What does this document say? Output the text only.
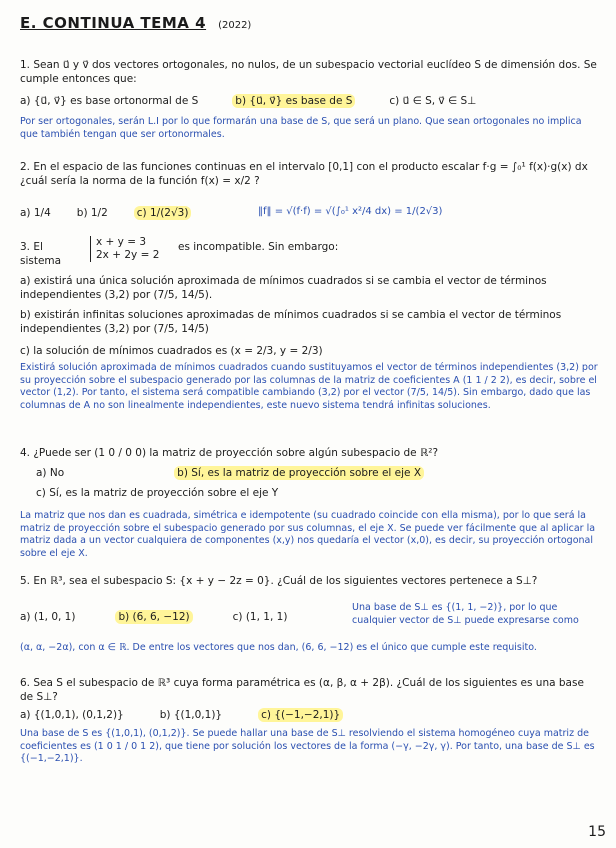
E. CONTINUA TEMA 4 (2022)
1. Sean u⃗ y v⃗ dos vectores ortogonales, no nulos, de un subespacio vectorial euclídeo S de dimensión dos. Se cumple entonces que:
a) {u⃗, v⃗} es base ortonormal de S	b) {u⃗, v⃗} es base de S	c) u⃗ ∈ S, v⃗ ∈ S⊥
Por ser ortogonales, serán L.I por lo que formarán una base de S, que será un plano. Que sean ortogonales no implica que también tengan que ser ortonormales.
2. En el espacio de las funciones continuas en el intervalo [0,1] con el producto escalar f·g = ∫₀¹ f(x)·g(x) dx ¿cuál sería la norma de la función f(x) = x/2 ?
a) 1/4 b) 1/2	c) 1/(2√3)	‖f‖ = √(f·f) = √(∫₀¹ x²/4 dx) = 1/(2√3)
3. El sistema
x + y = 3
2x + 2y = 2
es incompatible. Sin embargo:
a) existirá una única solución aproximada de mínimos cuadrados si se cambia el vector de términos independientes (3,2) por (7/5, 14/5).
b) existirán infinitas soluciones aproximadas de mínimos cuadrados si se cambia el vector de términos independientes (3,2) por (7/5, 14/5)
c) la solución de mínimos cuadrados es (x = 2/3, y = 2/3)
Existirá solución aproximada de mínimos cuadrados cuando sustituyamos el vector de términos independientes (3,2) por su proyección sobre el subespacio generado por las columnas de la matriz de coeficientes A (1 1 / 2 2), es decir, sobre el vector (1,2). Por tanto, el sistema será compatible cambiando (3,2) por el vector (7/5, 14/5). Sin embargo, dado que las columnas de A no son linealmente independientes, este nuevo sistema tendrá infinitas soluciones.
4. ¿Puede ser (1 0 / 0 0) la matriz de proyección sobre algún subespacio de ℝ²?
a) No	b) Sí, es la matriz de proyección sobre el eje X
c) Sí, es la matriz de proyección sobre el eje Y
La matriz que nos dan es cuadrada, simétrica e idempotente (su cuadrado coincide con ella misma), por lo que será la matriz de proyección sobre el subespacio generado por sus columnas, el eje X. Se puede ver fácilmente que al aplicar la matriz dada a un vector cualquiera de componentes (x,y) nos quedaría el vector (x,0), es decir, su proyección ortogonal sobre el eje X.
5. En ℝ³, sea el subespacio S: {x + y − 2z = 0}. ¿Cuál de los siguientes vectores pertenece a S⊥?
a) (1, 0, 1)	b) (6, 6, −12)	c) (1, 1, 1)
Una base de S⊥ es {(1, 1, −2)}, por lo que cualquier vector de S⊥ puede expresarse como
(α, α, −2α), con α ∈ ℝ. De entre los vectores que nos dan, (6, 6, −12) es el único que cumple este requisito.
6. Sea S el subespacio de ℝ³ cuya forma paramétrica es (α, β, α + 2β). ¿Cuál de los siguientes es una base de S⊥?
a) {(1,0,1), (0,1,2)}	b) {(1,0,1)}	c) {(−1,−2,1)}
Una base de S es {(1,0,1), (0,1,2)}. Se puede hallar una base de S⊥ resolviendo el sistema homogéneo cuya matriz de coeficientes es (1 0 1 / 0 1 2), que tiene por solución los vectores de la forma (−γ, −2γ, γ). Por tanto, una base de S⊥ es {(−1,−2,1)}.
15
